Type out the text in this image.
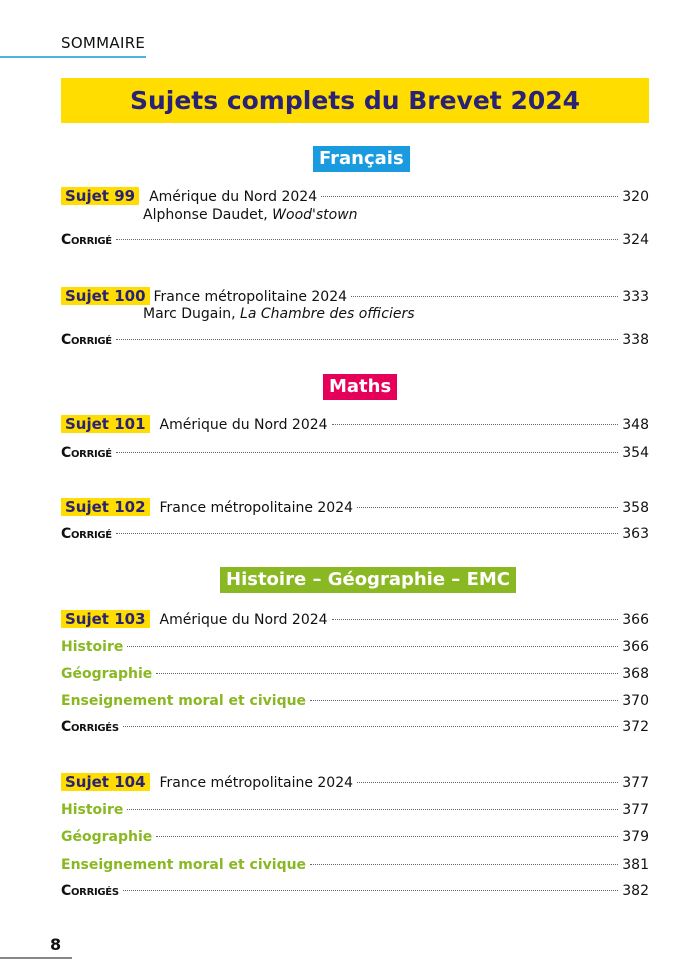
SOMMAIRE
Sujets complets du Brevet 2024
Français
Sujet 99 Amérique du Nord 2024	320
Alphonse Daudet, Wood'stown
Corrigé	324
Sujet 100 France métropolitaine 2024	333
Marc Dugain, La Chambre des officiers
Corrigé	338
Maths
Sujet 101 Amérique du Nord 2024	348
Corrigé	354
Sujet 102 France métropolitaine 2024	358
Corrigé	363
Histoire – Géographie – EMC
Sujet 103 Amérique du Nord 2024	366
Histoire	366
Géographie	368
Enseignement moral et civique	370
Corrigés	372
Sujet 104 France métropolitaine 2024	377
Histoire	377
Géographie	379
Enseignement moral et civique	381
Corrigés	382
8
